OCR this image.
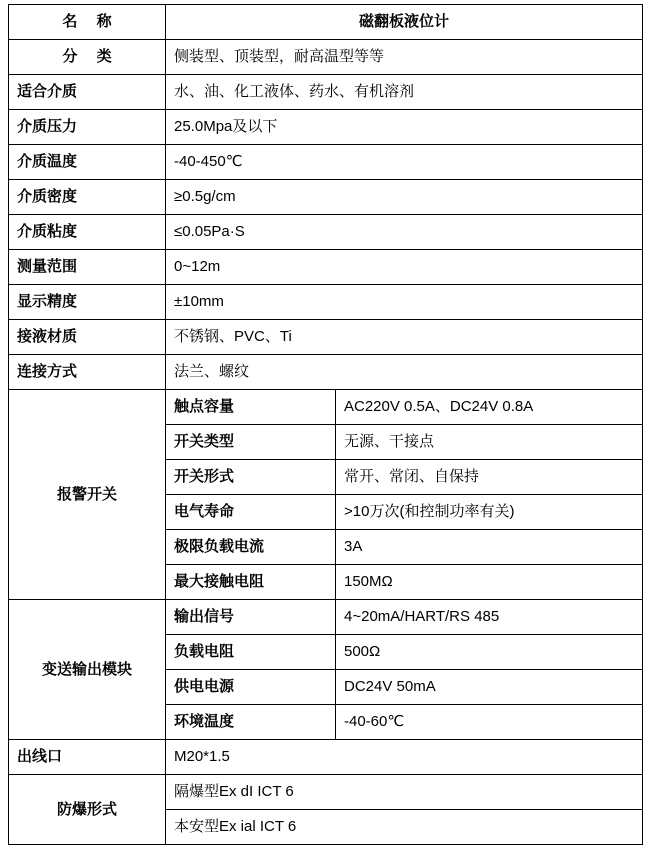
名 称	磁翻板液位计	
分 类	侧装型、顶装型，耐高温型等等	
适合介质	水、油、化工液体、药水、有机溶剂	
介质压力	25.0Mpa及以下	
介质温度	-40-450℃	
介质密度	≥0.5g/cm	
介质粘度	≤0.05Pa·S	
测量范围	0~12m	
显示精度	±10mm	
接液材质	不锈钢、PVC、Ti	
连接方式	法兰、螺纹	
报警开关	触点容量	AC220V 0.5A、DC24V 0.8A
	开关类型	无源、干接点
	开关形式	常开、常闭、自保持
	电气寿命	>10万次(和控制功率有关)
	极限负载电流	3A
	最大接触电阻	150MΩ
变送输出模块	输出信号	4~20mA/HART/RS 485
	负载电阻	500Ω
	供电电源	DC24V 50mA
	环境温度	-40-60℃
出线口	M20*1.5	
防爆形式	隔爆型Ex dI ICT 6	
	本安型Ex ial ICT 6	
